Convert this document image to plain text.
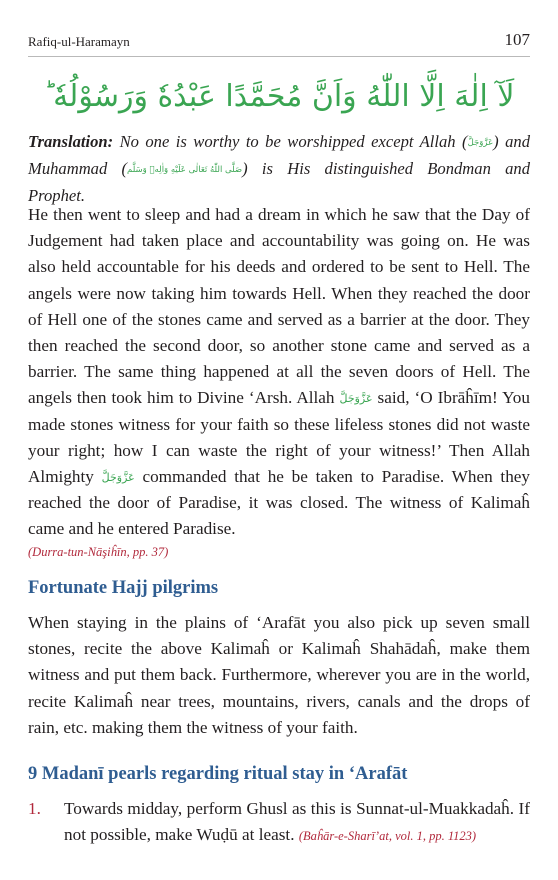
Rafiq-ul-Haramayn	107
لَآ اِلٰهَ اِلَّا اللّٰهُ وَاَنَّ مُحَمَّدًا عَبْدُهٗ وَرَسُوْلُهٗ ؕ
Translation: No one is worthy to be worshipped except Allah (عَزَّوَجَلَّ) and Muhammad (صَلَّى اللّٰهُ تَعَالٰى عَلَيْهِ وَاٰلِهٖ وَسَلَّم) is His distinguished Bondman and Prophet.
He then went to sleep and had a dream in which he saw that the Day of Judgement had taken place and accountability was going on. He was also held accountable for his deeds and ordered to be sent to Hell. The angels were now taking him towards Hell. When they reached the door of Hell one of the stones came and served as a barrier at the door. They then reached the second door, so another stone came and served as a barrier. The same thing happened at all the seven doors of Hell. The angels then took him to Divine ‘Arsh. Allah عَزَّوَجَلَّ said, ‘O Ibrāĥīm! You made stones witness for your faith so these lifeless stones did not waste your right; how I can waste the right of your witness!’ Then Allah Almighty عَزَّوَجَلَّ commanded that he be taken to Paradise. When they reached the door of Paradise, it was closed. The witness of Kalimaĥ came and he entered Paradise.
(Durra-tun-Nāşiĥīn, pp. 37)
Fortunate Hajj pilgrims
When staying in the plains of ‘Arafāt you also pick up seven small stones, recite the above Kalimaĥ or Kalimaĥ Shahādaĥ, make them witness and put them back. Furthermore, wherever you are in the world, recite Kalimaĥ near trees, mountains, rivers, canals and the drops of rain, etc. making them the witness of your faith.
9 Madanī pearls regarding ritual stay in ‘Arafāt
1. Towards midday, perform Ghusl as this is Sunnat-ul-Muakkadaĥ. If not possible, make Wuḍū at least. (Baĥār-e-Sharī’at, vol. 1, pp. 1123)
